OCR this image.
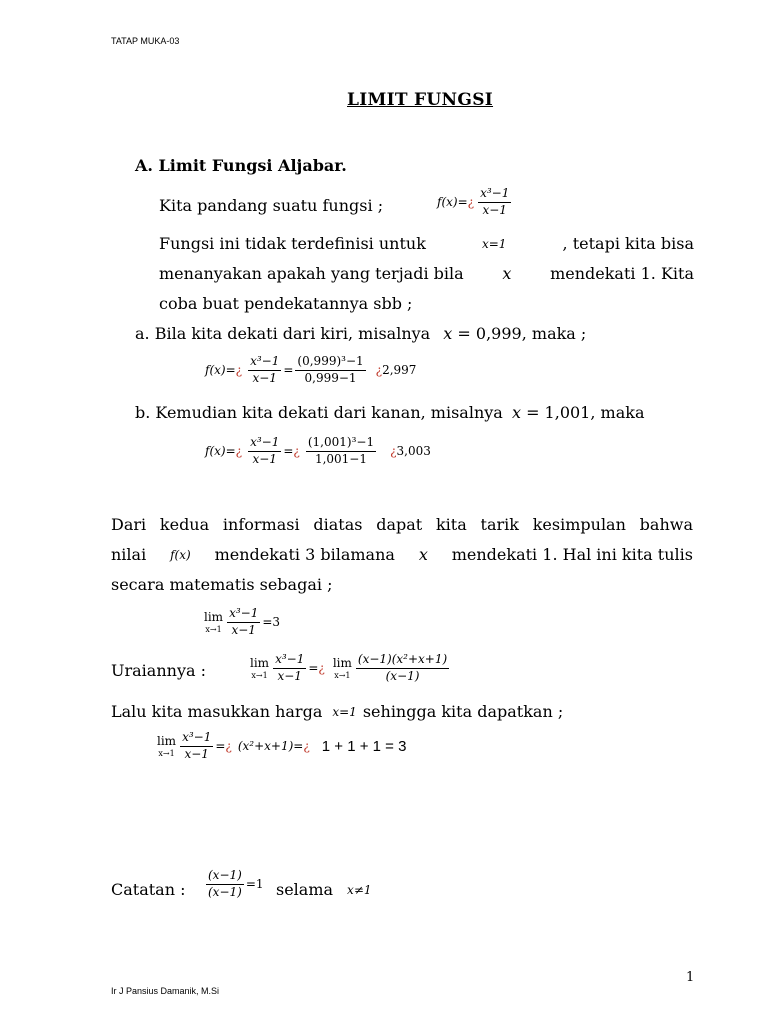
TATAP MUKA-03
LIMIT FUNGSI
A. Limit Fungsi Aljabar.
Kita pandang suatu fungsi ;	f(x)= ¿ $\frac{\text{x³−1}}{x-1}$
Fungsi ini tidak terdefinisi untuk	x=1	, tetapi kita bisa
menanyakan apakah yang terjadi bila x mendekati 1. Kita
coba buat pendekatannya sbb ;
a. Bila kita dekati dari kiri, misalnya x = 0,999, maka ;
f(x)= ¿ $\frac{\text{x³−1}}{x-1} = \frac{\text{(0,999)³−1}}{0,999-1}$ ¿ 2,997
b. Kemudian kita dekati dari kanan, misalnya x = 1,001, maka
f(x)= ¿ $\frac{\text{x³−1}}{x-1}$ = ¿ $\frac{\text{(1,001)³−1}}{1,001-1}$ ¿ 3,003
Dari kedua informasi diatas dapat kita tarik kesimpulan bahwa
nilai f(x) mendekati 3 bilamana x mendekati 1. Hal ini kita tulis
secara matematis sebagai ;
lim
$x\to 1 \frac{\text{x³−1}}{x-1} =3$
Uraiannya :	lim
$x\to 1 \frac{\text{x³−1}}{x-1}$ = ¿ lim
$x\to 1 \frac{\text{(x−1)(x²+x+1)}}{(x-1)}$
Lalu kita masukkan harga x=1 sehingga kita dapatkan ;
lim
$x\to 1 \frac{\text{x³−1}}{x-1}$ = ¿ (x²+x+1)= ¿ 1 + 1 + 1 = 3
Catatan : $\frac{(x-1)}{(x-1)} =1$ selama x≠1
1
Ir J Pansius Damanik, M.Si
